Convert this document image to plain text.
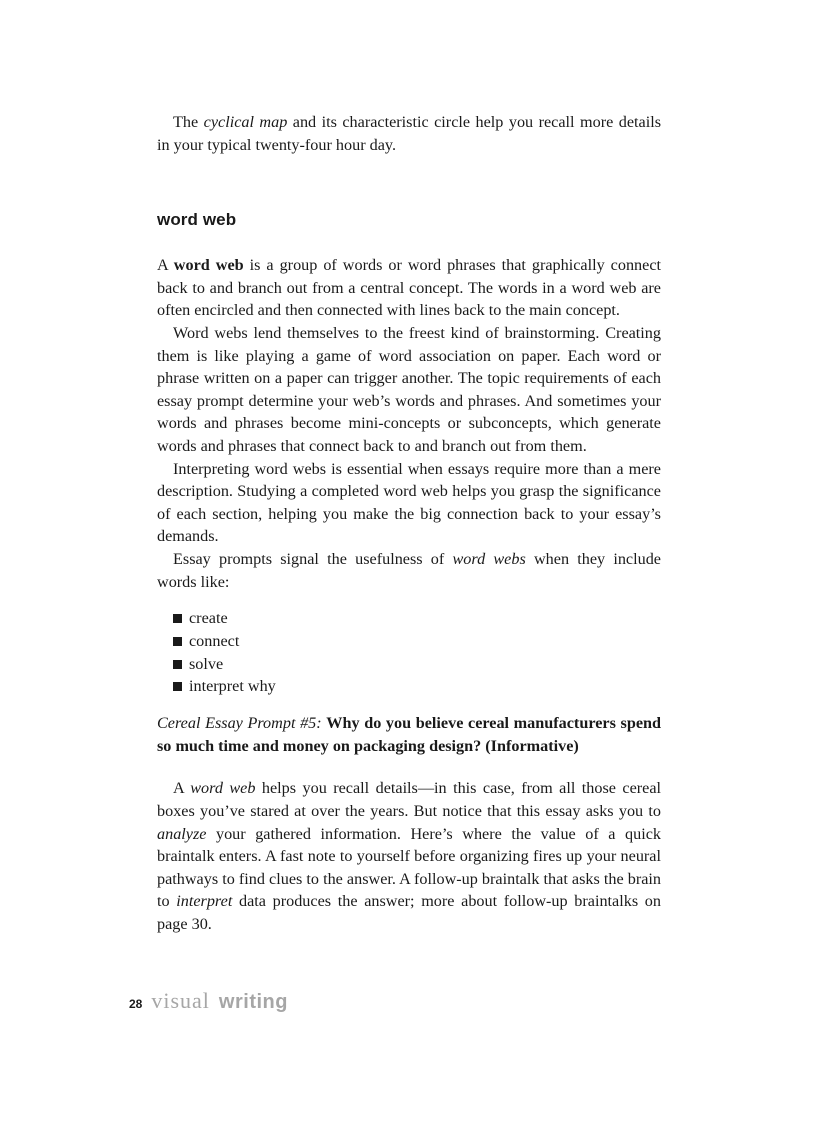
The cyclical map and its characteristic circle help you recall more details in your typical twenty-four hour day.

word web

A word web is a group of words or word phrases that graphically connect back to and branch out from a central concept. The words in a word web are often encircled and then connected with lines back to the main concept.

Word webs lend themselves to the freest kind of brainstorming. Creating them is like playing a game of word association on paper. Each word or phrase written on a paper can trigger another. The topic requirements of each essay prompt determine your web’s words and phrases. And sometimes your words and phrases become mini-concepts or subconcepts, which generate words and phrases that connect back to and branch out from them.

Interpreting word webs is essential when essays require more than a mere description. Studying a completed word web helps you grasp the significance of each section, helping you make the big connection back to your essay’s demands.

Essay prompts signal the usefulness of word webs when they include words like:

create
connect
solve
interpret why

Cereal Essay Prompt #5: Why do you believe cereal manufacturers spend so much time and money on packaging design? (Informative)

A word web helps you recall details—in this case, from all those cereal boxes you’ve stared at over the years. But notice that this essay asks you to analyze your gathered information. Here’s where the value of a quick braintalk enters. A fast note to yourself before organizing fires up your neural pathways to find clues to the answer. A follow-up braintalk that asks the brain to interpret data produces the answer; more about follow-up braintalks on page 30.

28 visual writing
